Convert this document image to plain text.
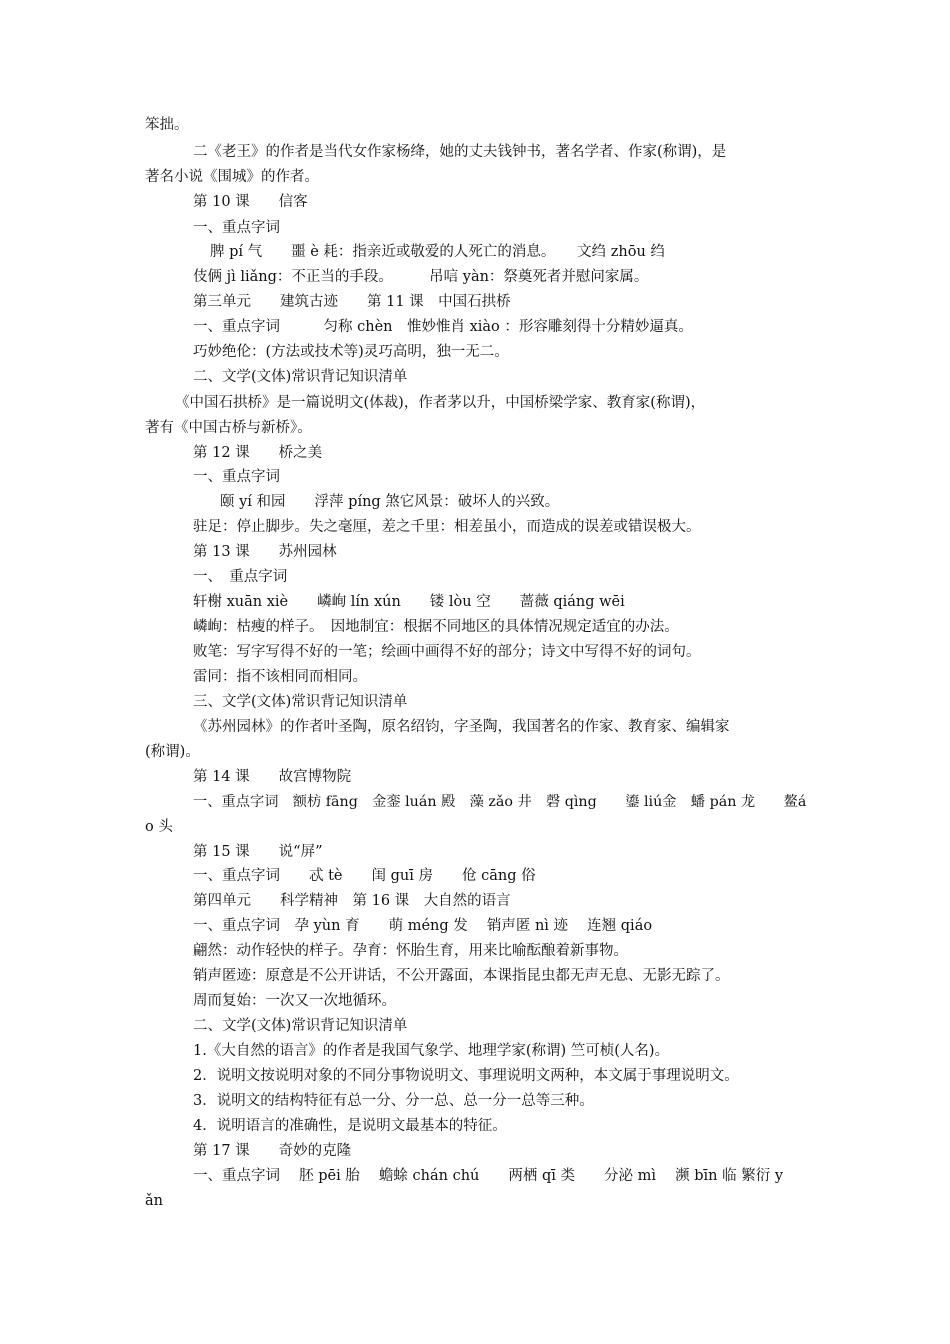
笨拙。
二《老王》的作者是当代女作家杨绛，她的丈夫钱钟书，著名学者、作家(称谓)，是
著名小说《围城》的作者。
第 10 课　　信客
一、重点字词
脾 pí 气　　噩 è 耗：指亲近或敬爱的人死亡的消息。　　文绉 zhōu 绉
伎俩 jì liǎng：不正当的手段。　　　吊唁 yàn：祭奠死者并慰问家属。
第三单元　　建筑古迹　　第 11 课　中国石拱桥
一、重点字词　　　匀称 chèn　惟妙惟肖 xiào ：形容雕刻得十分精妙逼真。
巧妙绝伦：(方法或技术等)灵巧高明，独一无二。
二、文学(文体)常识背记知识清单
《中国石拱桥》是一篇说明文(体裁)，作者茅以升，中国桥梁学家、教育家(称谓)，
著有《中国古桥与新桥》。
第 12 课　　桥之美
一、重点字词
颐 yí 和园　　浮萍 píng 煞它风景：破坏人的兴致。
驻足：停止脚步。失之毫厘，差之千里：相差虽小，而造成的误差或错误极大。
第 13 课　　苏州园林
一、　重点字词
轩榭 xuān xiè　　嶙峋 lín xún　　镂 lòu 空　　蔷薇 qiáng wēi
嶙峋：枯瘦的样子。　因地制宜：根据不同地区的具体情况规定适宜的办法。
败笔：写字写得不好的一笔；绘画中画得不好的部分；诗文中写得不好的词句。
雷同：指不该相同而相同。
三、文学(文体)常识背记知识清单
《苏州园林》的作者叶圣陶，原名绍钧，字圣陶，我国著名的作家、教育家、编辑家
(称谓)。
第 14 课　　故宫博物院
一、重点字词　额枋 fāng　金銮 luán 殿　藻 zǎo 井　磬 qìng　　鎏 liú金　蟠 pán 龙　　鳌á
o 头
第 15 课　　说“屏”
一、重点字词　　忒 tè　　闺 guī 房　　伧 cāng 俗
第四单元　　科学精神　第 16 课　大自然的语言
一、重点字词　孕 yùn 育　　萌 méng 发　 销声匿 nì 迹　 连翘 qiáo
翩然：动作轻快的样子。孕育：怀胎生育，用来比喻酝酿着新事物。
销声匿迹：原意是不公开讲话，不公开露面，本课指昆虫都无声无息、无影无踪了。
周而复始：一次又一次地循环。
二、文学(文体)常识背记知识清单
1.《大自然的语言》的作者是我国气象学、地理学家(称谓) 竺可桢(人名)。
2．说明文按说明对象的不同分事物说明文、事理说明文两种，本文属于事理说明文。
3．说明文的结构特征有总一分、分一总、总一分一总等三种。
4．说明语言的准确性，是说明文最基本的特征。
第 17 课　　奇妙的克隆
一、重点字词　 胚 pēi 胎　 蟾蜍 chán chú　　两栖 qī 类　　分泌 mì　 濒 bīn 临 繁衍 y
ǎn
